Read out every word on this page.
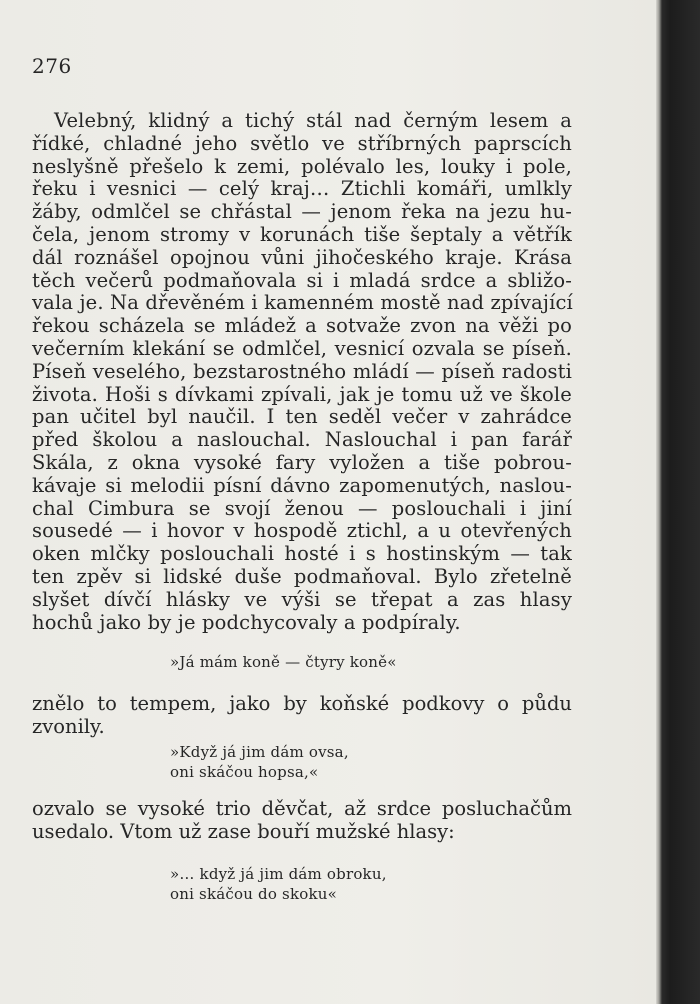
276
Velebný, klidný a tichý stál nad černým lesem a
řídké, chladné jeho světlo ve stříbrných paprscích
neslyšně přešelo k zemi, polévalo les, louky i pole,
řeku i vesnici — celý kraj… Ztichli komáři, umlkly
žáby, odmlčel se chřástal — jenom řeka na jezu hu-
čela, jenom stromy v korunách tiše šeptaly a větřík
dál roznášel opojnou vůni jihočeského kraje. Krása
těch večerů podmaňovala si i mladá srdce a sbližo-
vala je. Na dřevěném i kamenném mostě nad zpívající
řekou scházela se mládež a sotvaže zvon na věži po
večerním klekání se odmlčel, vesnicí ozvala se píseň.
Píseň veselého, bezstarostného mládí — píseň radosti
života. Hoši s dívkami zpívali, jak je tomu už ve škole
pan učitel byl naučil. I ten seděl večer v zahrádce
před školou a naslouchal. Naslouchal i pan farář
Skála, z okna vysoké fary vyložen a tiše pobrou-
kávaje si melodii písní dávno zapomenutých, naslou-
chal Cimbura se svojí ženou — poslouchali i jiní
sousedé — i hovor v hospodě ztichl, a u otevřených
oken mlčky poslouchali hosté i s hostinským — tak
ten zpěv si lidské duše podmaňoval. Bylo zřetelně
slyšet dívčí hlásky ve výši se třepat a zas hlasy
hochů jako by je podchycovaly a podpíraly.
»Já mám koně — čtyry koně«
znělo to tempem, jako by koňské podkovy o půdu
zvonily.
»Když já jim dám ovsa,
oni skáčou hopsa,«
ozvalo se vysoké trio děvčat, až srdce posluchačům
usedalo. Vtom už zase bouří mužské hlasy:
»… když já jim dám obroku,
oni skáčou do skoku«
